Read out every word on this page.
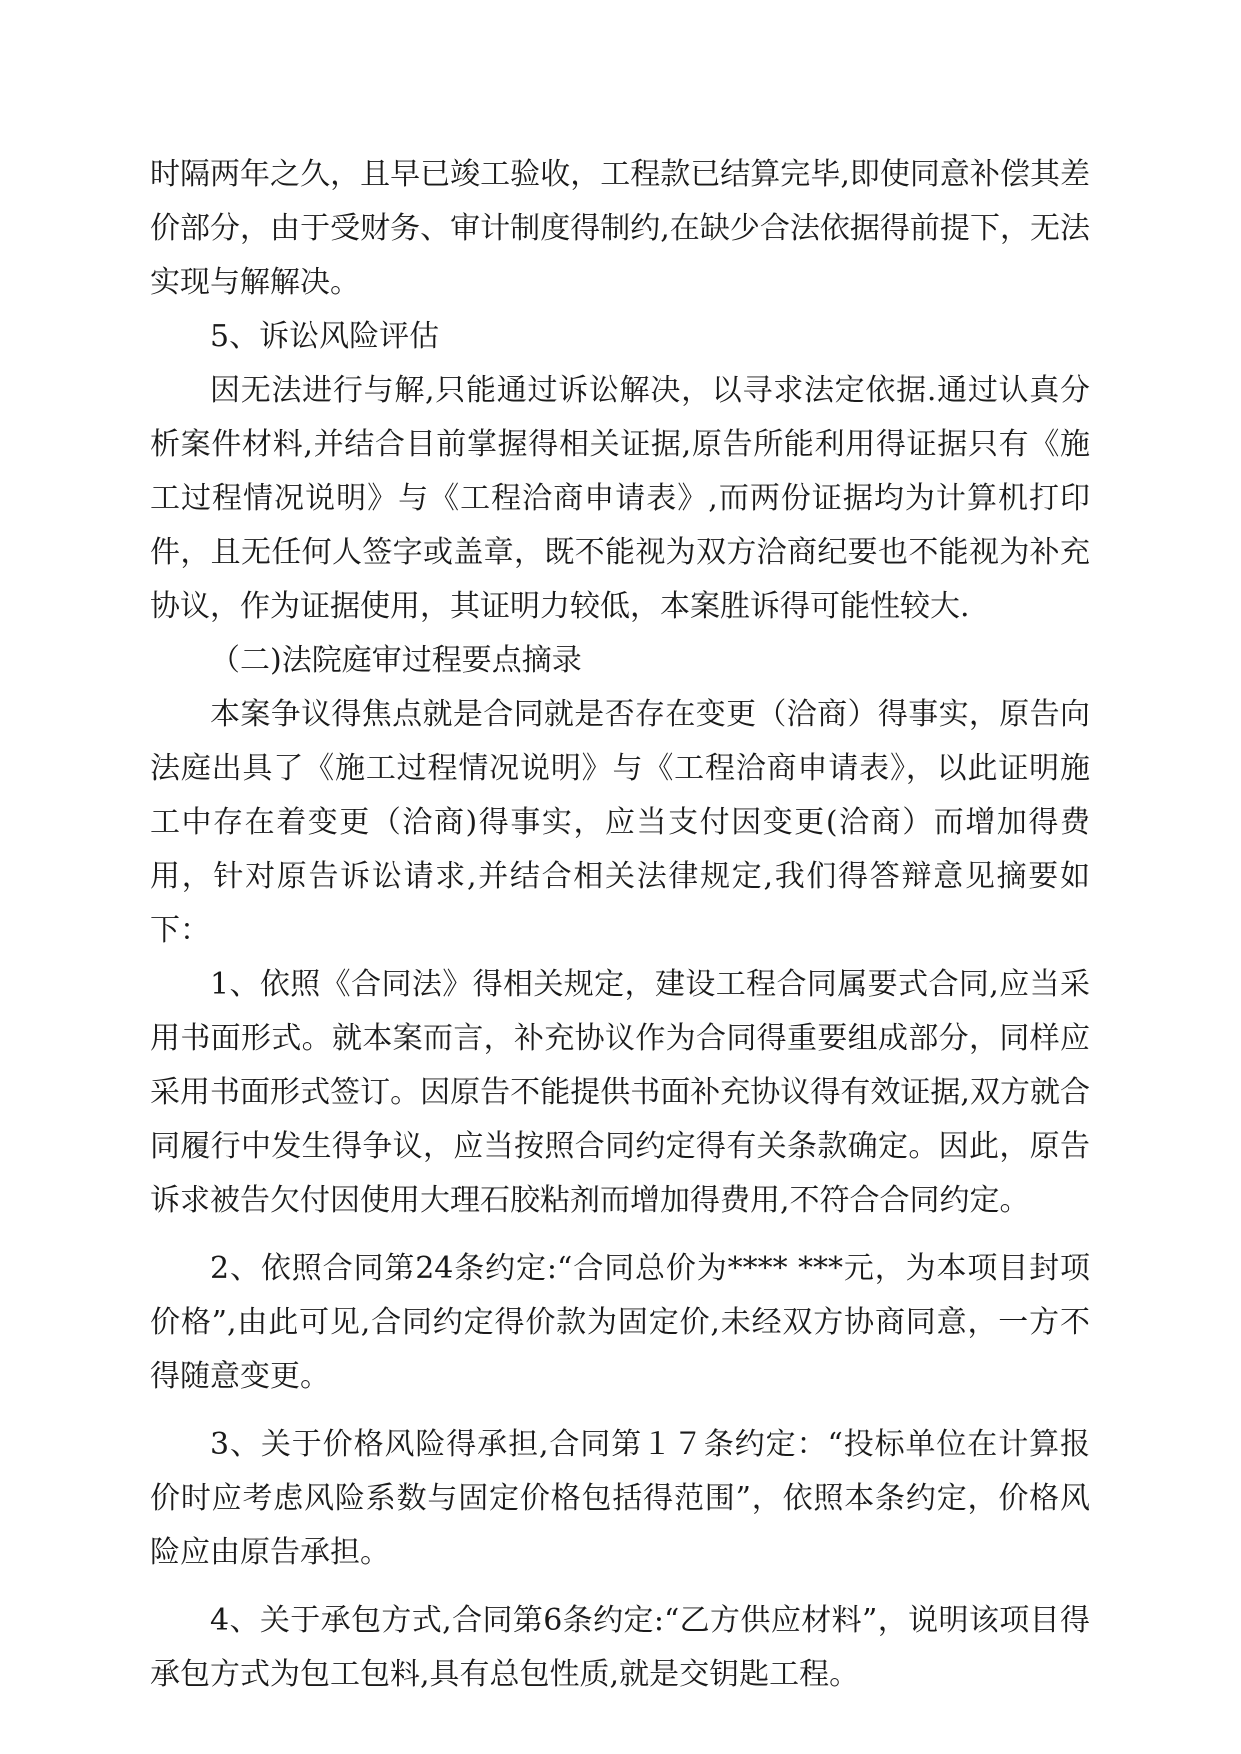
时隔两年之久，且早已竣工验收，工程款已结算完毕,即使同意补偿其差价部分，由于受财务、审计制度得制约,在缺少合法依据得前提下，无法实现与解解决。

5、诉讼风险评估

因无法进行与解,只能通过诉讼解决，以寻求法定依据.通过认真分析案件材料,并结合目前掌握得相关证据,原告所能利用得证据只有《施工过程情况说明》与《工程洽商申请表》,而两份证据均为计算机打印件，且无任何人签字或盖章，既不能视为双方洽商纪要也不能视为补充协议，作为证据使用，其证明力较低，本案胜诉得可能性较大.

（二)法院庭审过程要点摘录

本案争议得焦点就是合同就是否存在变更（洽商）得事实，原告向法庭出具了《施工过程情况说明》与《工程洽商申请表》，以此证明施工中存在着变更（洽商)得事实，应当支付因变更(洽商）而增加得费用，针对原告诉讼请求,并结合相关法律规定,我们得答辩意见摘要如下：

1、依照《合同法》得相关规定，建设工程合同属要式合同,应当采用书面形式。就本案而言，补充协议作为合同得重要组成部分，同样应采用书面形式签订。因原告不能提供书面补充协议得有效证据,双方就合同履行中发生得争议，应当按照合同约定得有关条款确定。因此，原告诉求被告欠付因使用大理石胶粘剂而增加得费用,不符合合同约定。

2、依照合同第24条约定:“合同总价为**** ***元，为本项目封项价格”,由此可见,合同约定得价款为固定价,未经双方协商同意，一方不得随意变更。

3、关于价格风险得承担,合同第１７条约定：“投标单位在计算报价时应考虑风险系数与固定价格包括得范围”，依照本条约定，价格风险应由原告承担。

4、关于承包方式,合同第6条约定:“乙方供应材料”，说明该项目得承包方式为包工包料,具有总包性质,就是交钥匙工程。
